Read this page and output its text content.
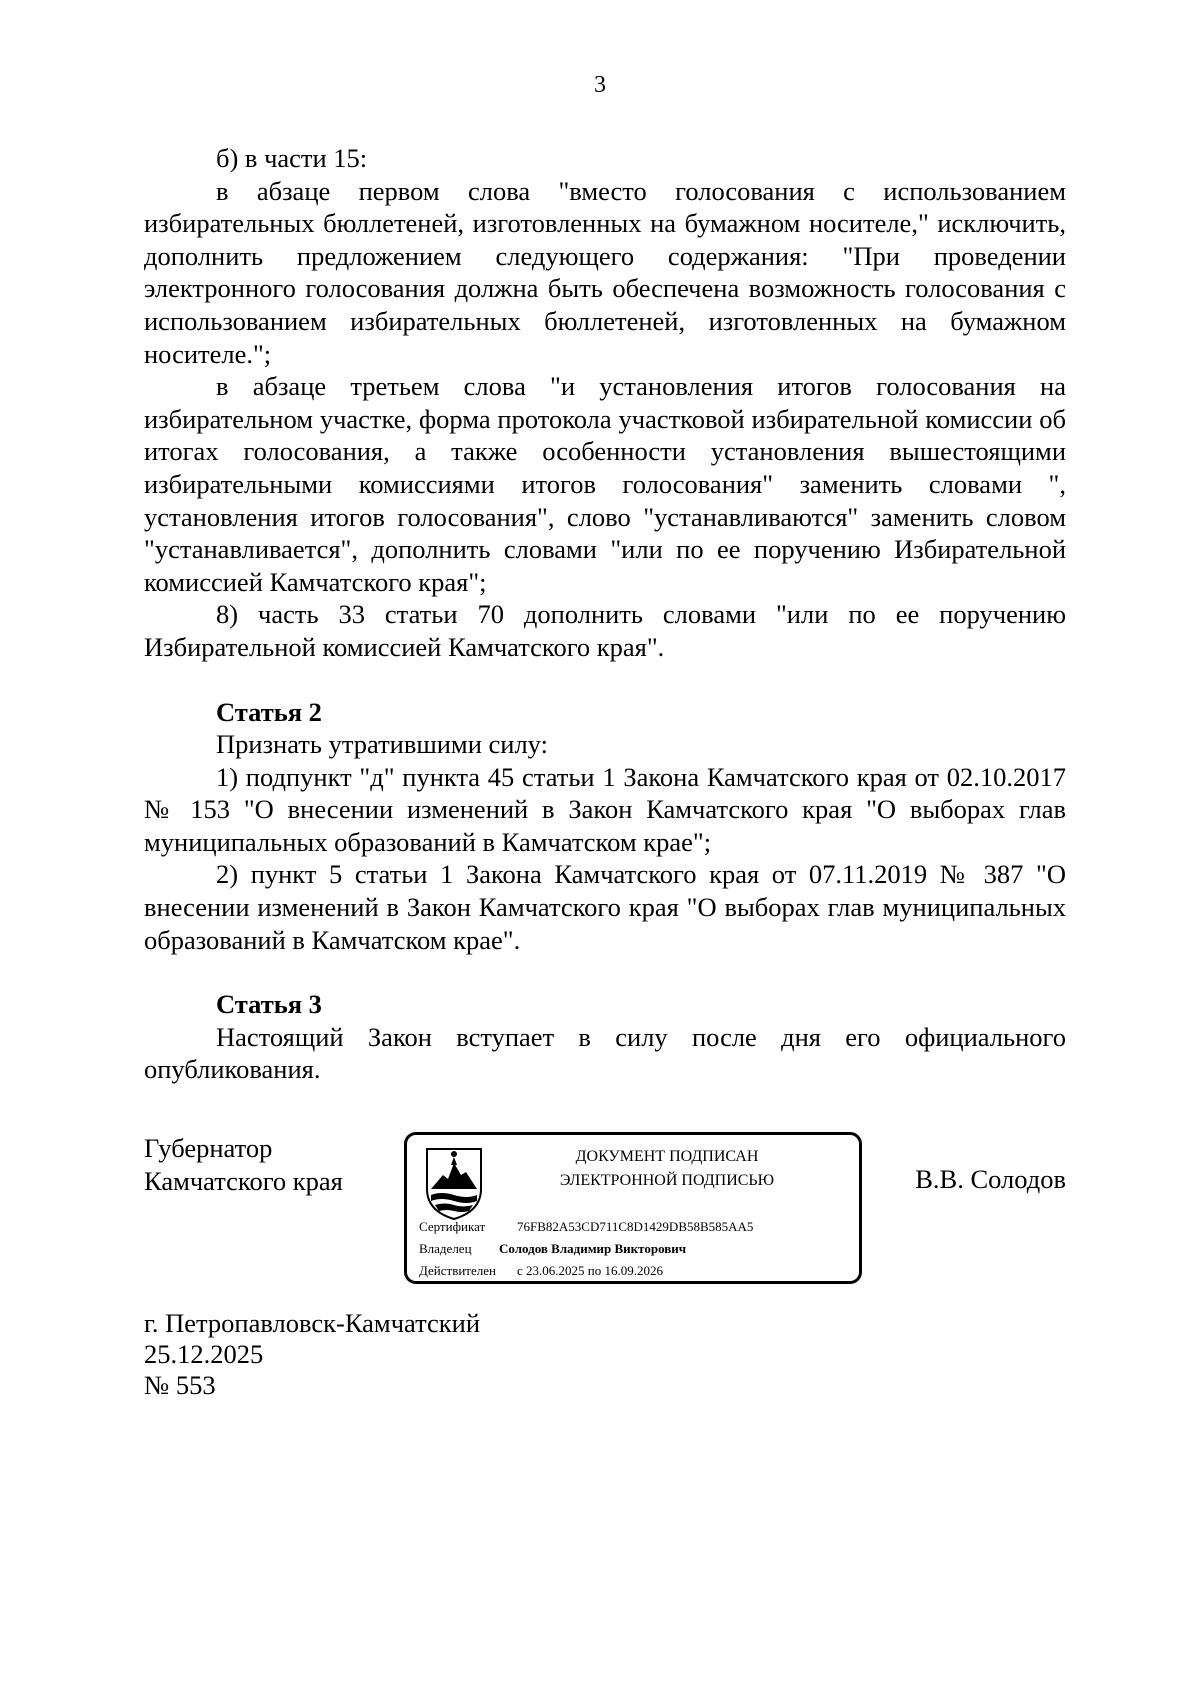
3

б) в части 15:

в абзаце первом слова "вместо голосования с использованием избирательных бюллетеней, изготовленных на бумажном носителе," исключить, дополнить предложением следующего содержания: "При проведении электронного голосования должна быть обеспечена возможность голосования с использованием избирательных бюллетеней, изготовленных на бумажном носителе.";

в абзаце третьем слова "и установления итогов голосования на избирательном участке, форма протокола участковой избирательной комиссии об итогах голосования, а также особенности установления вышестоящими избирательными комиссиями итогов голосования" заменить словами ", установления итогов голосования", слово "устанавливаются" заменить словом "устанавливается", дополнить словами "или по ее поручению Избирательной комиссией Камчатского края";

8) часть 33 статьи 70 дополнить словами "или по ее поручению Избирательной комиссией Камчатского края".

Статья 2

Признать утратившими силу:

1) подпункт "д" пункта 45 статьи 1 Закона Камчатского края от 02.10.2017 № 153 "О внесении изменений в Закон Камчатского края "О выборах глав муниципальных образований в Камчатском крае";

2) пункт 5 статьи 1 Закона Камчатского края от 07.11.2019 № 387 "О внесении изменений в Закон Камчатского края "О выборах глав муниципальных образований в Камчатском крае".

Статья 3

Настоящий Закон вступает в силу после дня его официального опубликования.

Губернатор
Камчатского края
ДОКУМЕНТ ПОДПИСАН
ЭЛЕКТРОННОЙ ПОДПИСЬЮ
Сертификат 76FB82A53CD711C8D1429DB58B585AA5
Владелец Солодов Владимир Викторович
Действителен с 23.06.2025 по 16.09.2026
В.В. Солодов
г. Петропавловск-Камчатский
25.12.2025
№ 553
